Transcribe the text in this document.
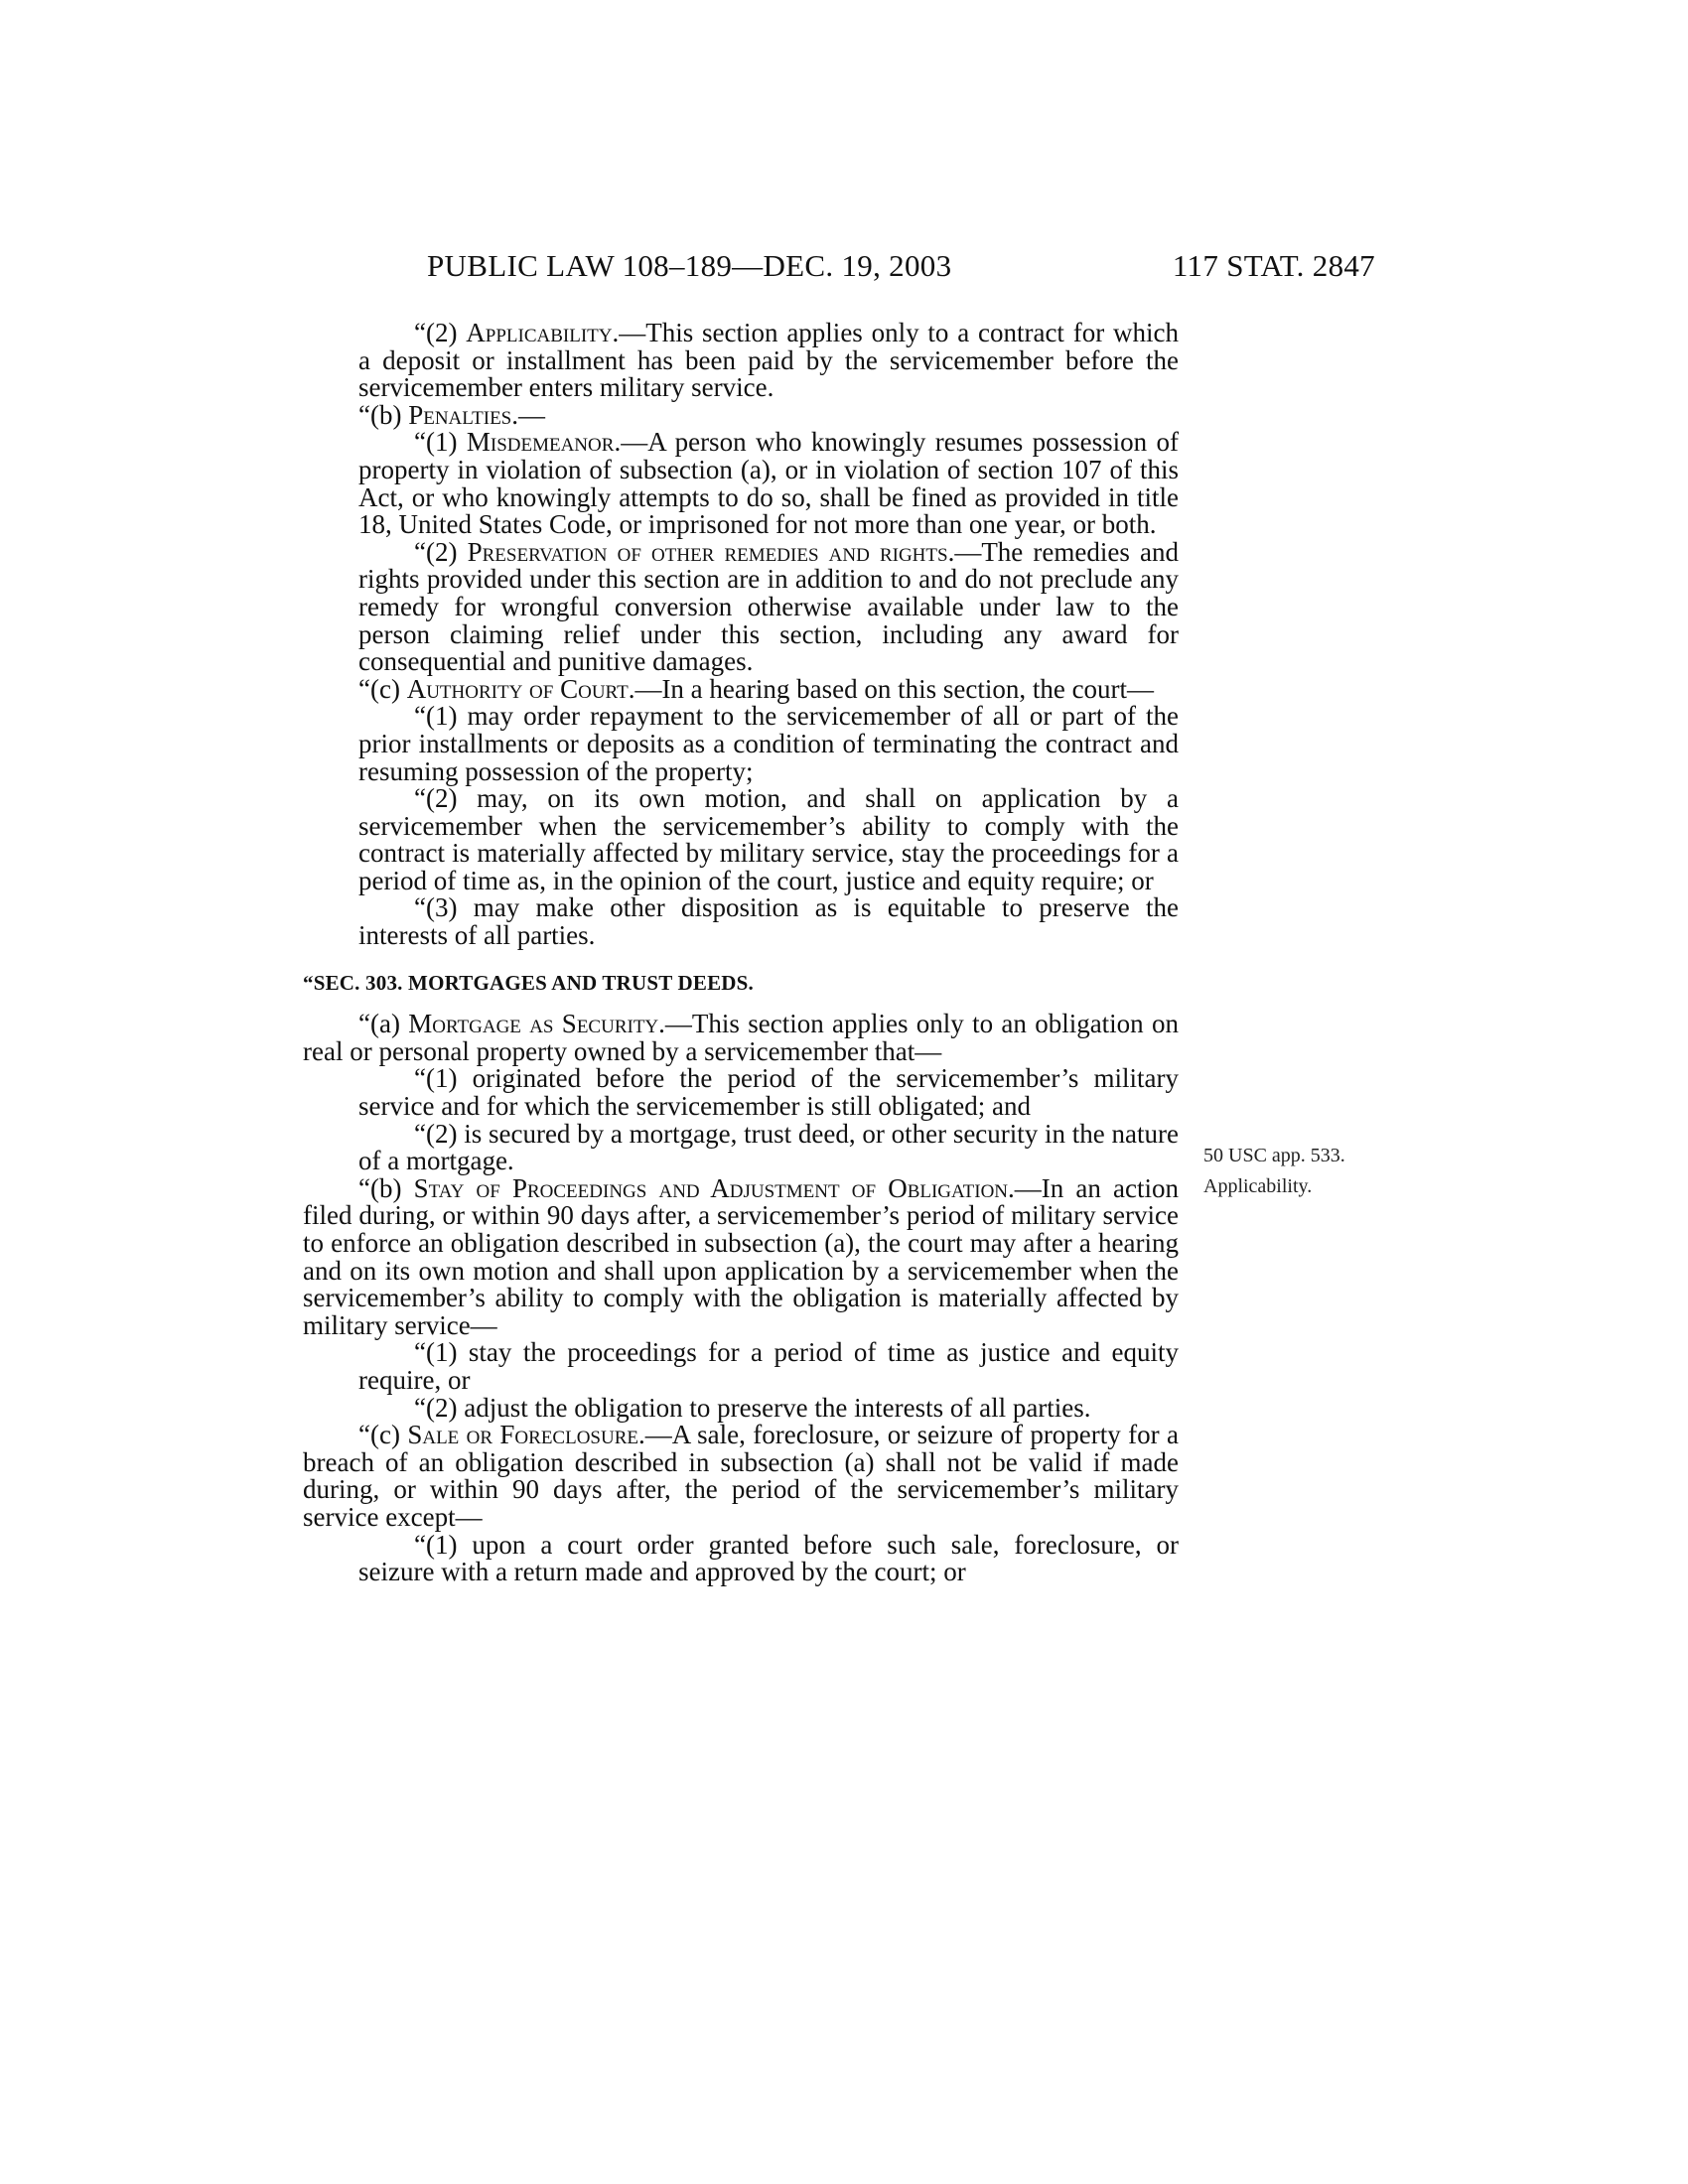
PUBLIC LAW 108–189—DEC. 19, 2003	117 STAT. 2847

“(2) Applicability.—This section applies only to a contract for which a deposit or installment has been paid by the servicemember before the servicemember enters military service.

“(b) Penalties.—

“(1) Misdemeanor.—A person who knowingly resumes possession of property in violation of subsection (a), or in violation of section 107 of this Act, or who knowingly attempts to do so, shall be fined as provided in title 18, United States Code, or imprisoned for not more than one year, or both.

“(2) Preservation of other remedies and rights.—The remedies and rights provided under this section are in addition to and do not preclude any remedy for wrongful conversion otherwise available under law to the person claiming relief under this section, including any award for consequential and punitive damages.

“(c) Authority of Court.—In a hearing based on this section, the court—

“(1) may order repayment to the servicemember of all or part of the prior installments or deposits as a condition of terminating the contract and resuming possession of the property;

“(2) may, on its own motion, and shall on application by a servicemember when the servicemember’s ability to comply with the contract is materially affected by military service, stay the proceedings for a period of time as, in the opinion of the court, justice and equity require; or

“(3) may make other disposition as is equitable to preserve the interests of all parties.

“SEC. 303. MORTGAGES AND TRUST DEEDS.

“(a) Mortgage as Security.—This section applies only to an obligation on real or personal property owned by a servicemember that—

“(1) originated before the period of the servicemember’s military service and for which the servicemember is still obligated; and

“(2) is secured by a mortgage, trust deed, or other security in the nature of a mortgage.

“(b) Stay of Proceedings and Adjustment of Obligation.—In an action filed during, or within 90 days after, a servicemember’s period of military service to enforce an obligation described in subsection (a), the court may after a hearing and on its own motion and shall upon application by a servicemember when the servicemember’s ability to comply with the obligation is materially affected by military service—

“(1) stay the proceedings for a period of time as justice and equity require, or

“(2) adjust the obligation to preserve the interests of all parties.

“(c) Sale or Foreclosure.—A sale, foreclosure, or seizure of property for a breach of an obligation described in subsection (a) shall not be valid if made during, or within 90 days after, the period of the servicemember’s military service except—

“(1) upon a court order granted before such sale, foreclosure, or seizure with a return made and approved by the court; or

50 USC app. 533.
Applicability.
